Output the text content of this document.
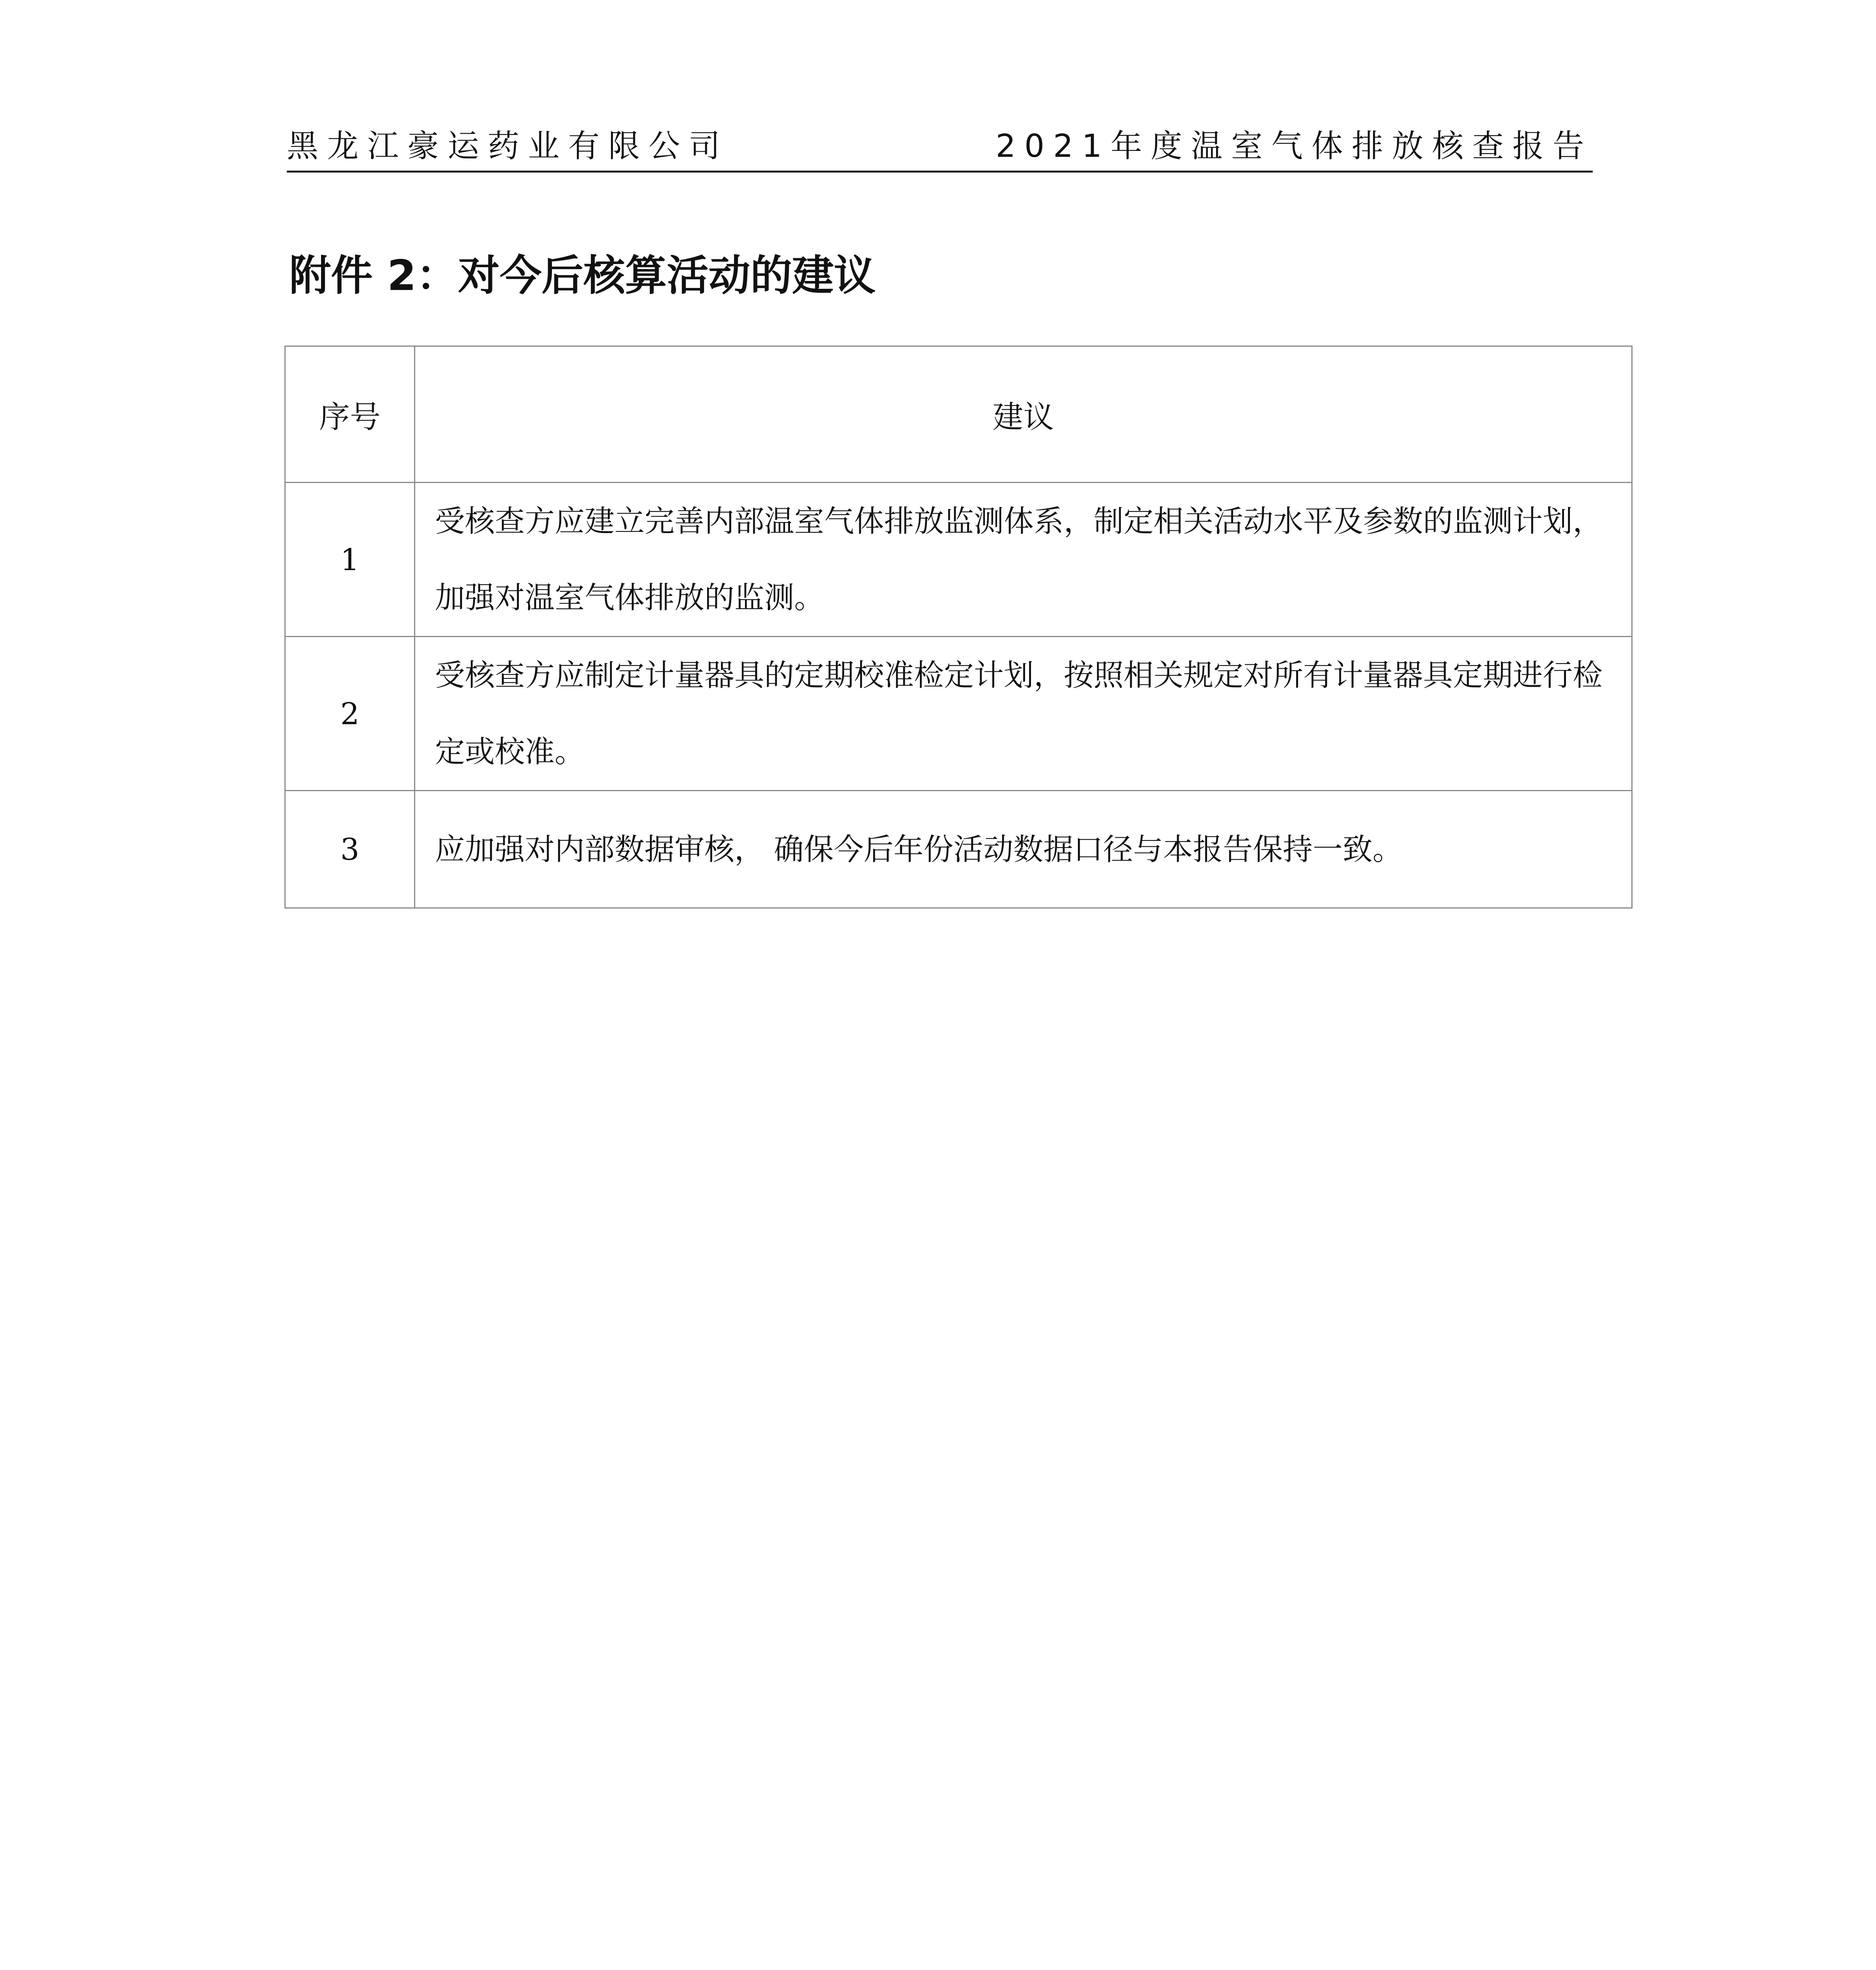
黑龙江豪运药业有限公司	2021年度温室气体排放核查报告
附件 2：对今后核算活动的建议
序号	建议
1	受核查方应建立完善内部温室气体排放监测体系，制定相关活动水平及参数的监测计划， 加强对温室气体排放的监测。
2	受核查方应制定计量器具的定期校准检定计划，按照相关规定对所有计量器具定期进行检定或校准。
3	应加强对内部数据审核， 确保今后年份活动数据口径与本报告保持一致。
